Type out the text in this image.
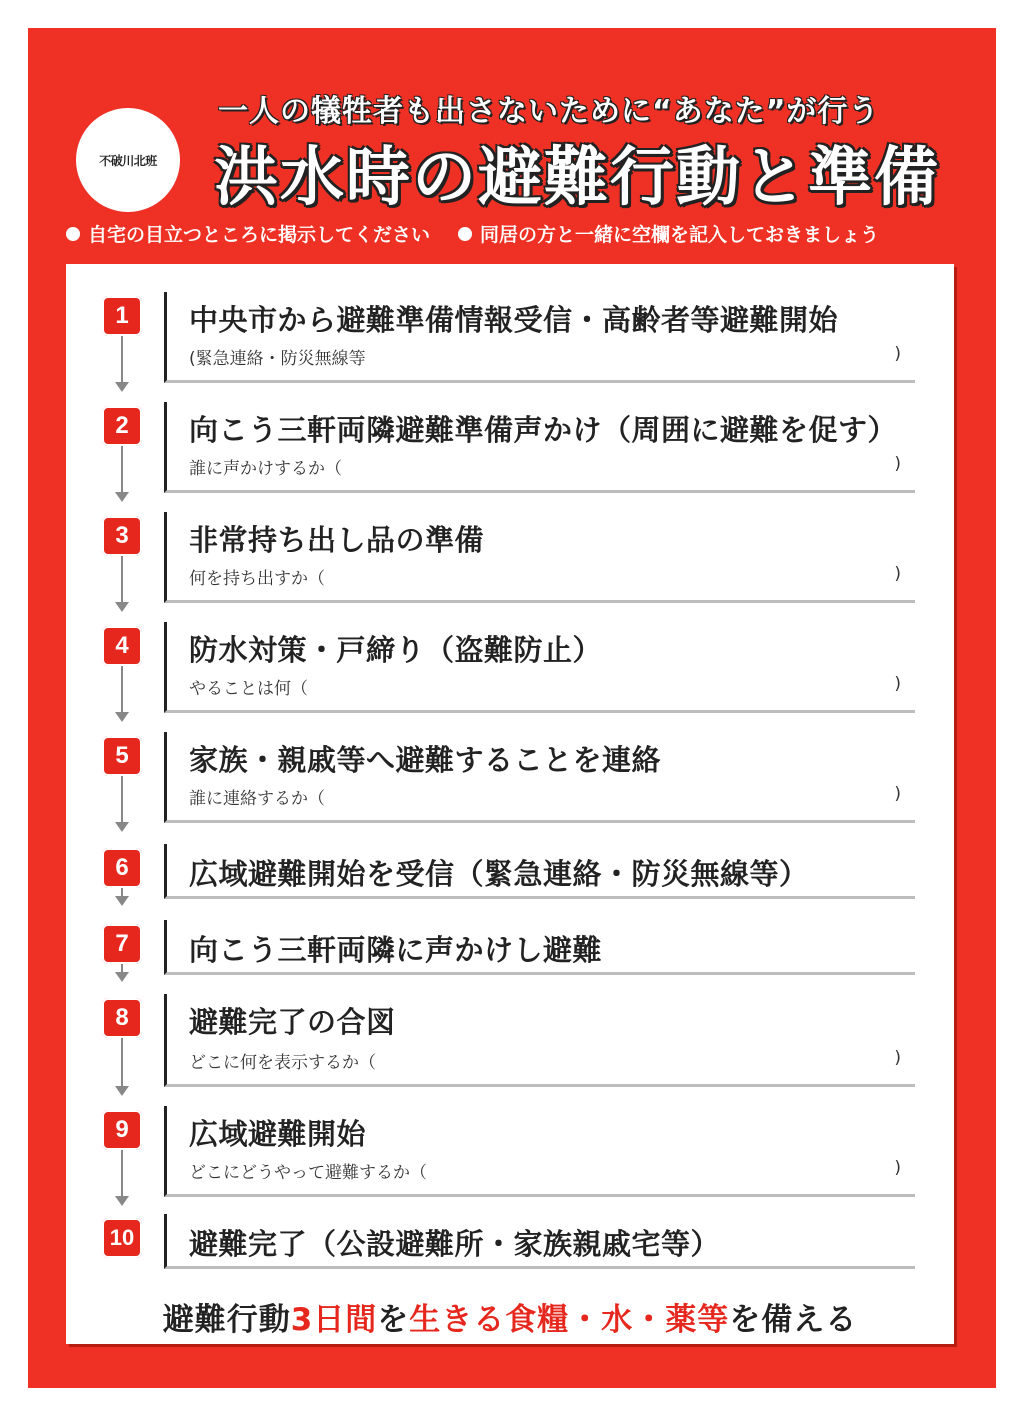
不破川北班
一人の犠牲者も出さないために“あなた”が行う
洪水時の避難行動と準備
自宅の目立つところに掲示してください	同居の方と一緒に空欄を記入しておきましょう
1	中央市から避難準備情報受信・高齢者等避難開始
(緊急連絡・防災無線等	)
2	向こう三軒両隣避難準備声かけ（周囲に避難を促す）
誰に声かけするか（	)
3	非常持ち出し品の準備
何を持ち出すか（	)
4	防水対策・戸締り（盗難防止）
やることは何（	)
5	家族・親戚等へ避難することを連絡
誰に連絡するか（	)
6	広域避難開始を受信（緊急連絡・防災無線等）
7	向こう三軒両隣に声かけし避難
8	避難完了の合図
どこに何を表示するか（	)
9	広域避難開始
どこにどうやって避難するか（	)
10 避難完了（公設避難所・家族親戚宅等）
避難行動3日間を生きる食糧・水・薬等を備える
